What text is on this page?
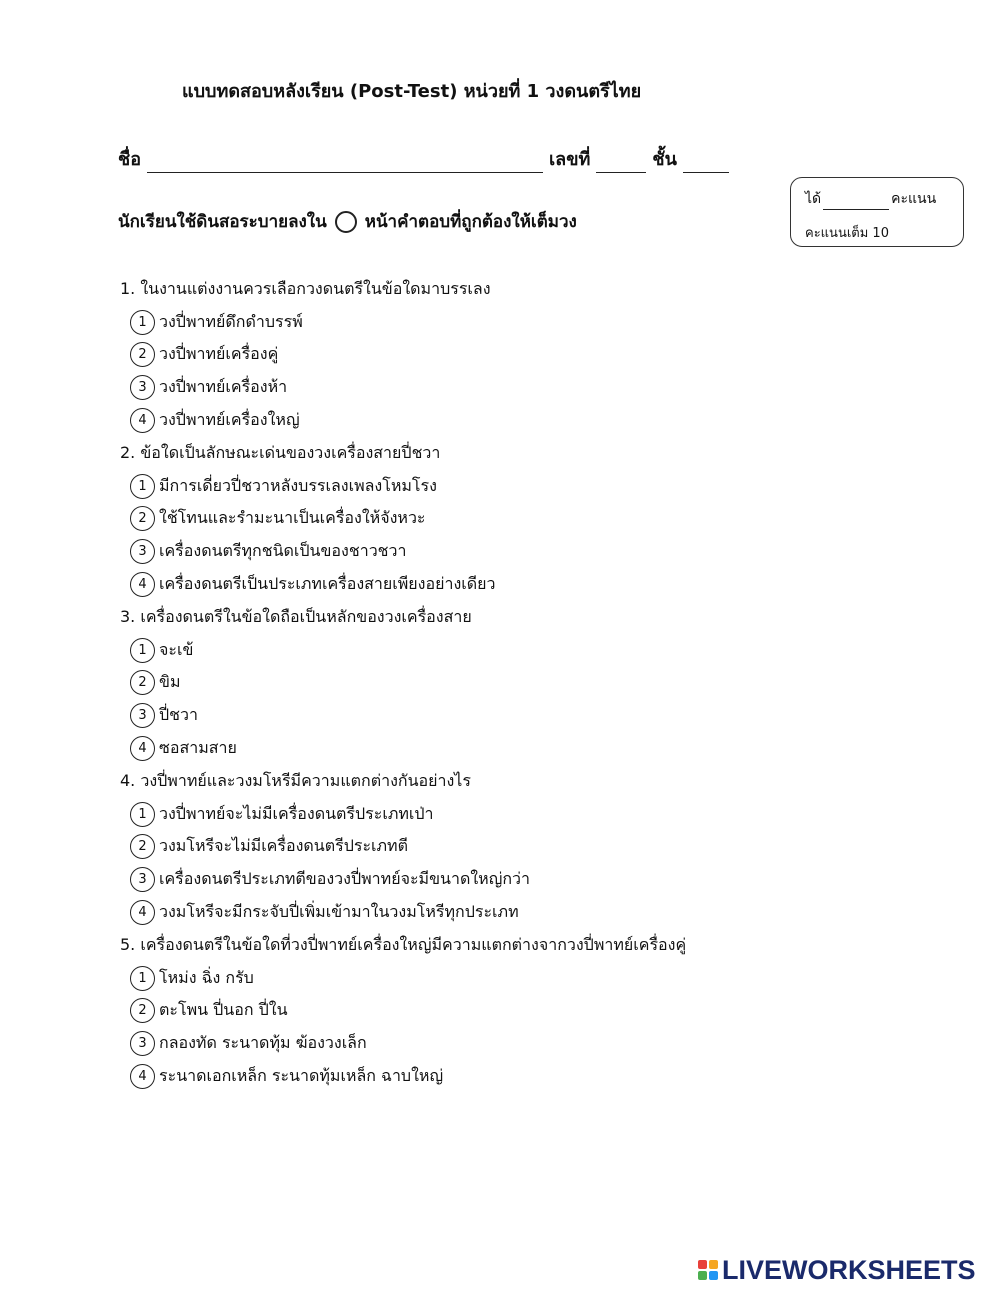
แบบทดสอบหลังเรียน (Post-Test) หน่วยที่ 1 วงดนตรีไทย
ชื่อ	เลขที่	ชั้น
นักเรียนใช้ดินสอระบายลงใน หน้าคำตอบที่ถูกต้องให้เต็มวง
ได้	คะแนน
คะแนนเต็ม 10
1. ในงานแต่งงานควรเลือกวงดนตรีในข้อใดมาบรรเลง
1 วงปี่พาทย์ดึกดำบรรพ์
2 วงปี่พาทย์เครื่องคู่
3 วงปี่พาทย์เครื่องห้า
4 วงปี่พาทย์เครื่องใหญ่
2. ข้อใดเป็นลักษณะเด่นของวงเครื่องสายปี่ชวา
1 มีการเดี่ยวปี่ชวาหลังบรรเลงเพลงโหมโรง
2 ใช้โทนและรำมะนาเป็นเครื่องให้จังหวะ
3 เครื่องดนตรีทุกชนิดเป็นของชาวชวา
4 เครื่องดนตรีเป็นประเภทเครื่องสายเพียงอย่างเดียว
3. เครื่องดนตรีในข้อใดถือเป็นหลักของวงเครื่องสาย
1 จะเข้
2 ขิม
3 ปี่ชวา
4 ซอสามสาย
4. วงปี่พาทย์และวงมโหรีมีความแตกต่างกันอย่างไร
1 วงปี่พาทย์จะไม่มีเครื่องดนตรีประเภทเป่า
2 วงมโหรีจะไม่มีเครื่องดนตรีประเภทตี
3 เครื่องดนตรีประเภทตีของวงปี่พาทย์จะมีขนาดใหญ่กว่า
4 วงมโหรีจะมีกระจับปี่เพิ่มเข้ามาในวงมโหรีทุกประเภท
5. เครื่องดนตรีในข้อใดที่วงปี่พาทย์เครื่องใหญ่มีความแตกต่างจากวงปี่พาทย์เครื่องคู่
1 โหม่ง ฉิ่ง กรับ
2 ตะโพน ปี่นอก ปี่ใน
3 กลองทัด ระนาดทุ้ม ฆ้องวงเล็ก
4 ระนาดเอกเหล็ก ระนาดทุ้มเหล็ก ฉาบใหญ่
LIVEWORKSHEETS
